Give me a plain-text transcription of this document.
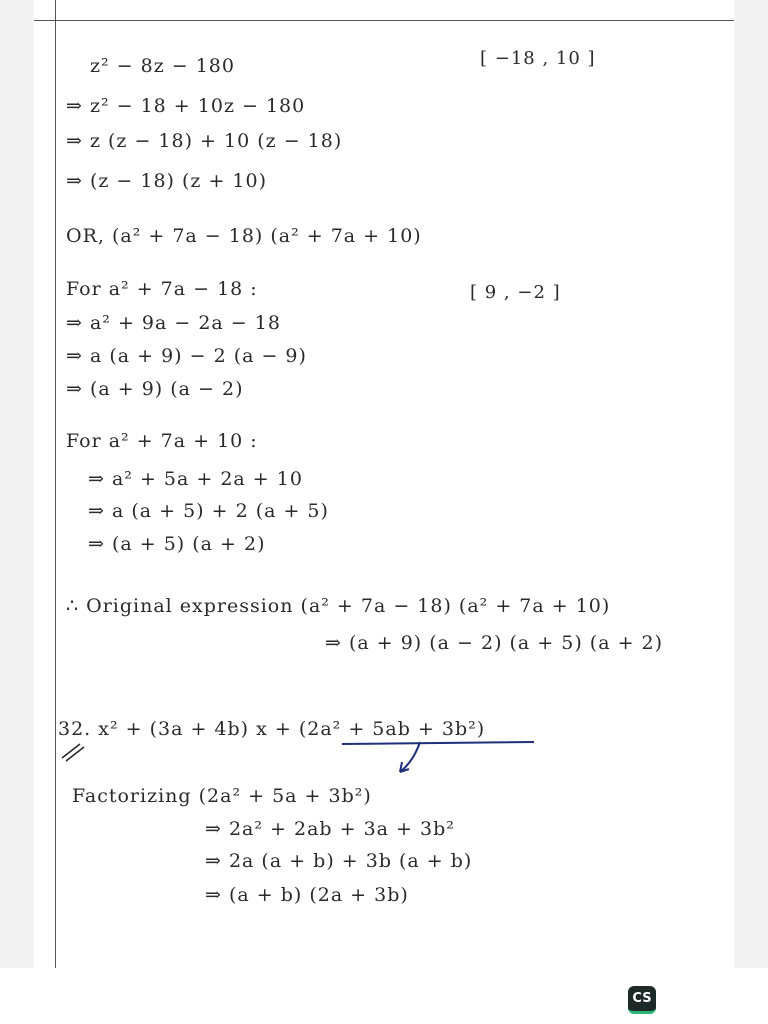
z² − 8z − 180	[ −18 , 10 ]
⇒ z² − 18 + 10z − 180
⇒ z (z − 18) + 10 (z − 18)
⇒ (z − 18) (z + 10)
OR, (a² + 7a − 18) (a² + 7a + 10)
For a² + 7a − 18 :	[ 9 , −2 ]
⇒ a² + 9a − 2a − 18
⇒ a (a + 9) − 2 (a − 9)
⇒ (a + 9) (a − 2)
For a² + 7a + 10 :
⇒ a² + 5a + 2a + 10
⇒ a (a + 5) + 2 (a + 5)
⇒ (a + 5) (a + 2)
∴ Original expression (a² + 7a − 18) (a² + 7a + 10)
⇒ (a + 9) (a − 2) (a + 5) (a + 2)
32. x² + (3a + 4b) x + (2a² + 5ab + 3b²)
Factorizing (2a² + 5a + 3b²)
⇒ 2a² + 2ab + 3a + 3b²
⇒ 2a (a + b) + 3b (a + b)
⇒ (a + b) (2a + 3b)
CS
